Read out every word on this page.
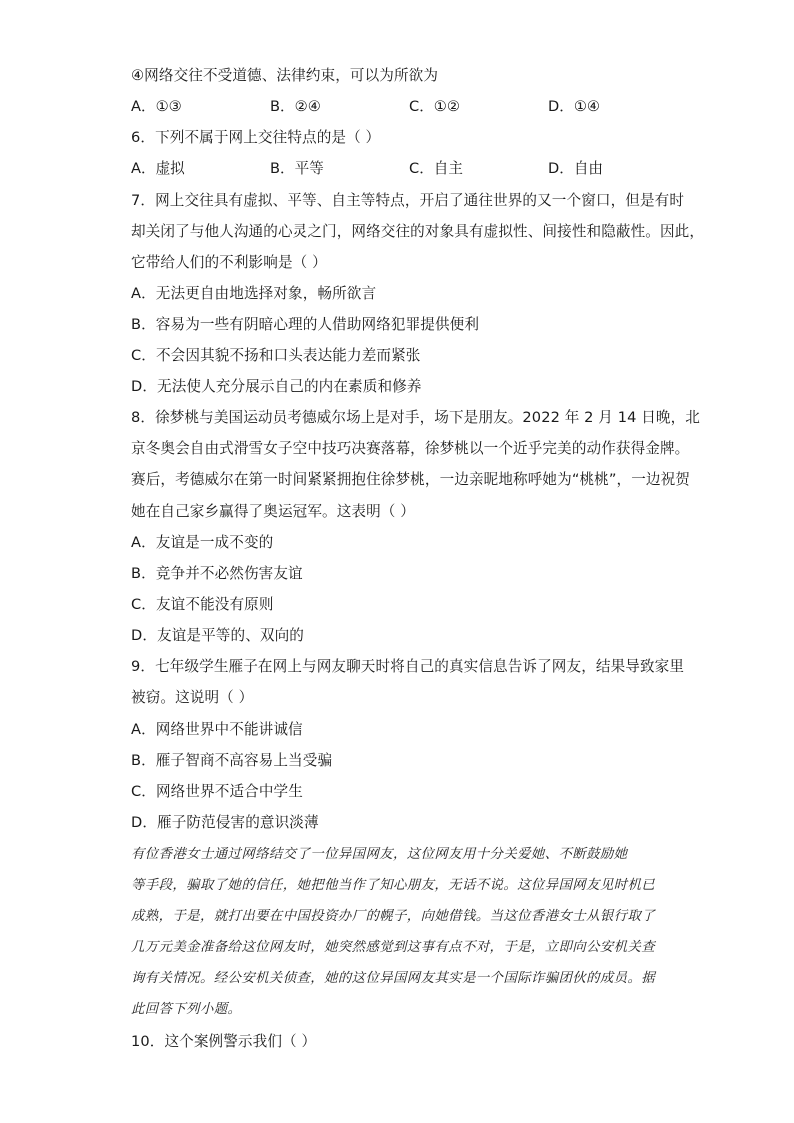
④网络交往不受道德、法律约束，可以为所欲为
A．①③	B．②④	C．①②	D．①④
6．下列不属于网上交往特点的是（ ）
A．虚拟	B．平等	C．自主	D．自由
7．网上交往具有虚拟、平等、自主等特点，开启了通往世界的又一个窗口，但是有时
却关闭了与他人沟通的心灵之门，网络交往的对象具有虚拟性、间接性和隐蔽性。因此，
它带给人们的不利影响是（ ）
A．无法更自由地选择对象，畅所欲言
B．容易为一些有阴暗心理的人借助网络犯罪提供便利
C．不会因其貌不扬和口头表达能力差而紧张
D．无法使人充分展示自己的内在素质和修养
8．徐梦桃与美国运动员考德威尔场上是对手，场下是朋友。2022 年 2 月 14 日晚，北
京冬奥会自由式滑雪女子空中技巧决赛落幕，徐梦桃以一个近乎完美的动作获得金牌。
赛后，考德威尔在第一时间紧紧拥抱住徐梦桃，一边亲昵地称呼她为“桃桃”，一边祝贺
她在自己家乡赢得了奥运冠军。这表明（ ）
A．友谊是一成不变的
B．竞争并不必然伤害友谊
C．友谊不能没有原则
D．友谊是平等的、双向的
9．七年级学生雁子在网上与网友聊天时将自己的真实信息告诉了网友，结果导致家里
被窃。这说明（ ）
A．网络世界中不能讲诚信
B．雁子智商不高容易上当受骗
C．网络世界不适合中学生
D．雁子防范侵害的意识淡薄
有位香港女士通过网络结交了一位异国网友，这位网友用十分关爱她、不断鼓励她
等手段，骗取了她的信任，她把他当作了知心朋友，无话不说。这位异国网友见时机已
成熟，于是，就打出要在中国投资办厂的幌子，向她借钱。当这位香港女士从银行取了
几万元美金准备给这位网友时，她突然感觉到这事有点不对，于是，立即向公安机关查
询有关情况。经公安机关侦查，她的这位异国网友其实是一个国际诈骗团伙的成员。据
此回答下列小题。
10．这个案例警示我们（ ）
